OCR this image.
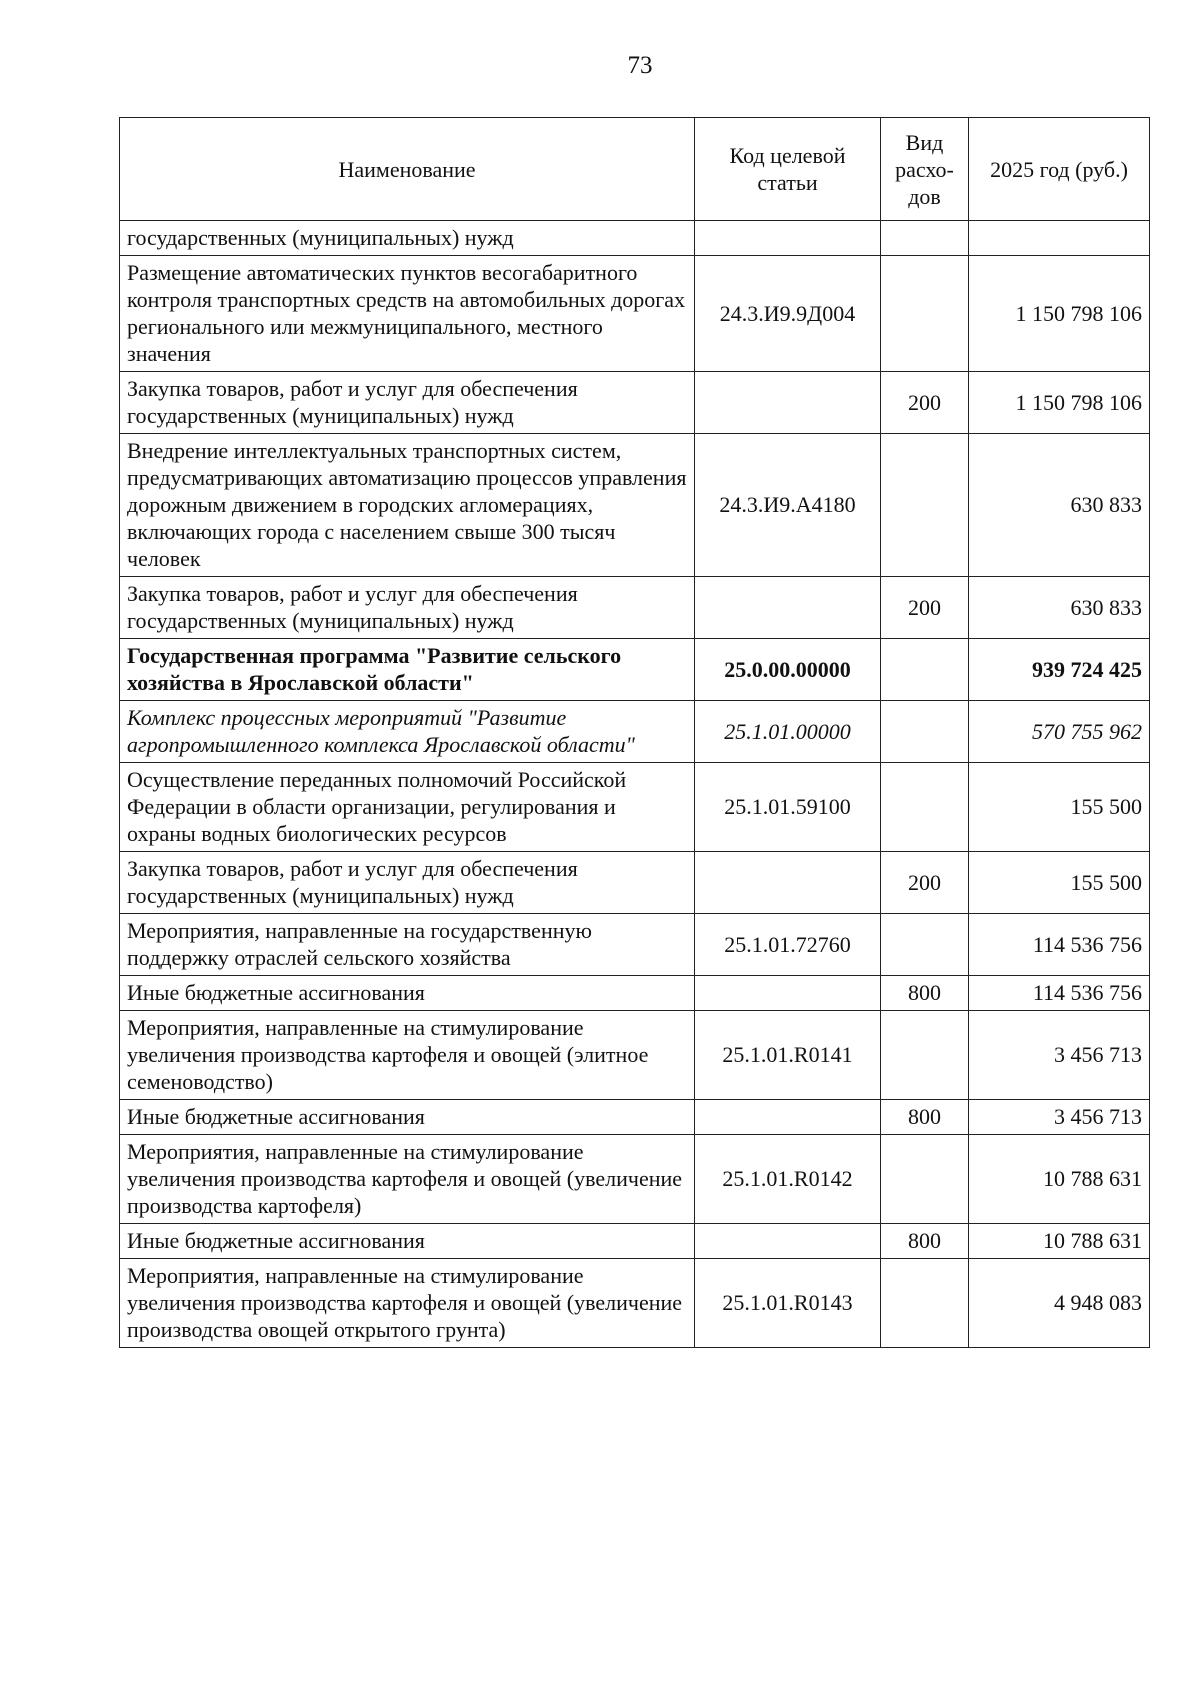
73
Наименование	Код целевой статьи	Вид расхо-дов	2025 год (руб.)
государственных (муниципальных) нужд			
Размещение автоматических пунктов весогабаритного контроля транспортных средств на автомобильных дорогах регионального или межмуниципального, местного значения	24.3.И9.9Д004		1 150 798 106
Закупка товаров, работ и услуг для обеспечения государственных (муниципальных) нужд		200	1 150 798 106
Внедрение интеллектуальных транспортных систем, предусматривающих автоматизацию процессов управления дорожным движением в городских агломерациях, включающих города с населением свыше 300 тысяч человек	24.3.И9.А4180		630 833
Закупка товаров, работ и услуг для обеспечения государственных (муниципальных) нужд		200	630 833
Государственная программа "Развитие сельского хозяйства в Ярославской области"	25.0.00.00000		939 724 425
Комплекс процессных мероприятий "Развитие агропромышленного комплекса Ярославской области"	25.1.01.00000		570 755 962
Осуществление переданных полномочий Российской Федерации в области организации, регулирования и охраны водных биологических ресурсов	25.1.01.59100		155 500
Закупка товаров, работ и услуг для обеспечения государственных (муниципальных) нужд		200	155 500
Мероприятия, направленные на государственную поддержку отраслей сельского хозяйства	25.1.01.72760		114 536 756
Иные бюджетные ассигнования		800	114 536 756
Мероприятия, направленные на стимулирование увеличения производства картофеля и овощей (элитное семеноводство)	25.1.01.R0141		3 456 713
Иные бюджетные ассигнования		800	3 456 713
Мероприятия, направленные на стимулирование увеличения производства картофеля и овощей (увеличение производства картофеля)	25.1.01.R0142		10 788 631
Иные бюджетные ассигнования		800	10 788 631
Мероприятия, направленные на стимулирование увеличения производства картофеля и овощей (увеличение производства овощей открытого грунта)	25.1.01.R0143		4 948 083
